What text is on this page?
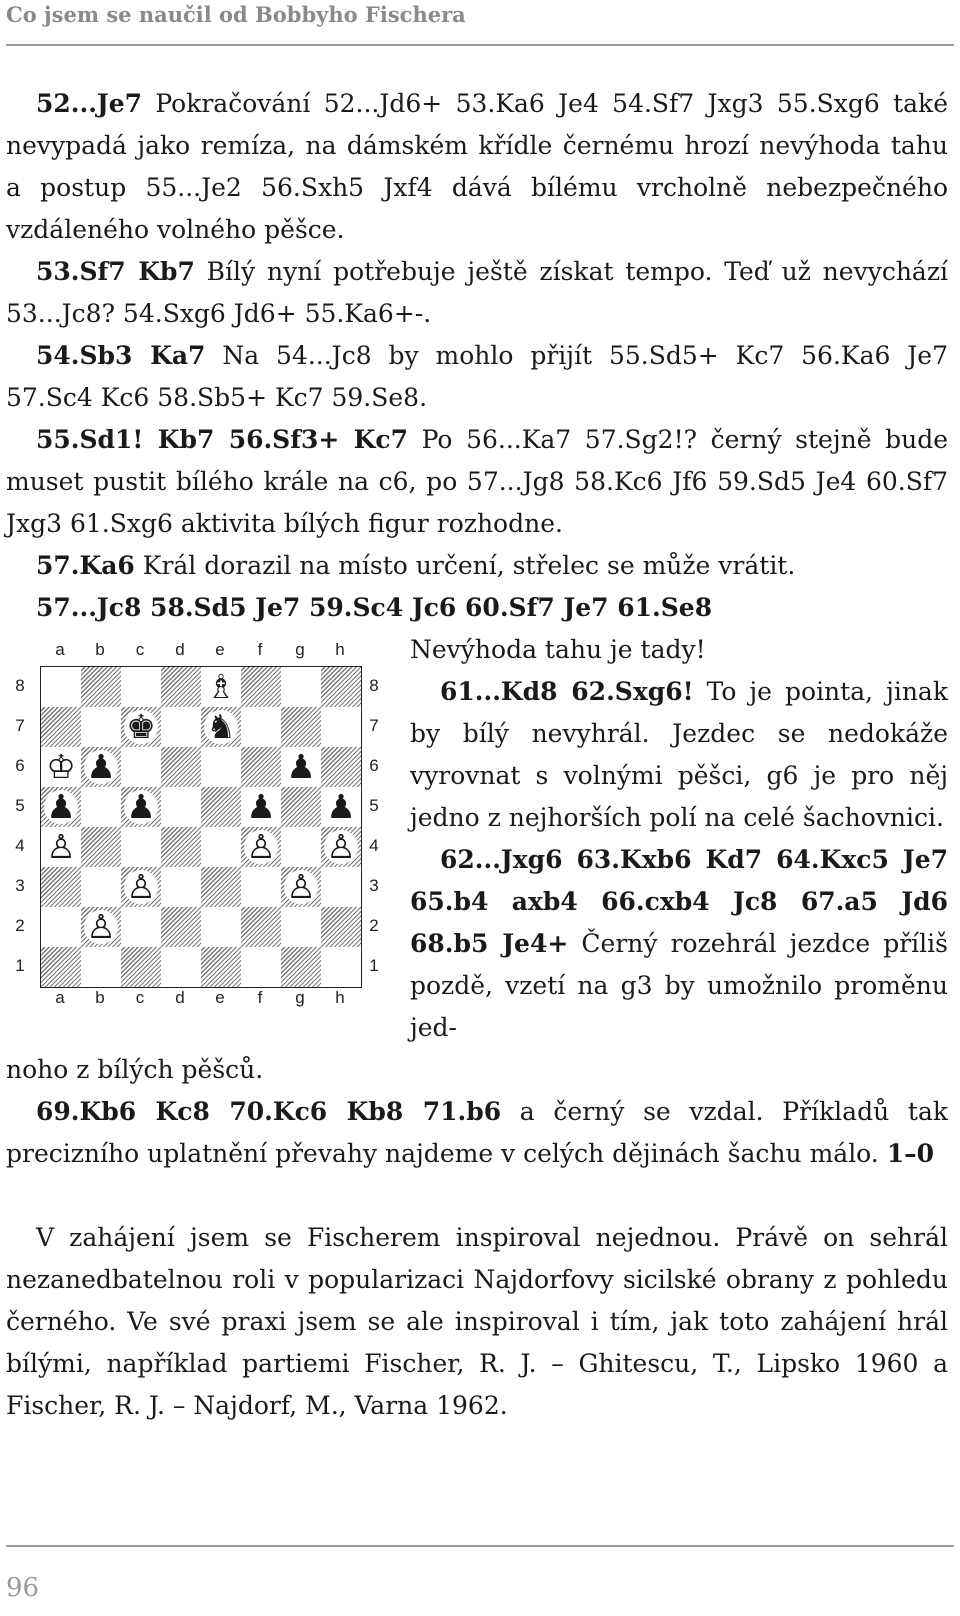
Co jsem se naučil od Bobbyho Fischera

52...Je7 Pokračování 52...Jd6+ 53.Ka6 Je4 54.Sf7 Jxg3 55.Sxg6 také nevypadá jako remíza, na dámském křídle černému hrozí nevýhoda tahu a postup 55...Je2 56.Sxh5 Jxf4 dává bílému vrcholně nebezpečného vzdáleného volného pěšce.

53.Sf7 Kb7 Bílý nyní potřebuje ještě získat tempo. Teď už nevychází 53...Jc8? 54.Sxg6 Jd6+ 55.Ka6+-.

54.Sb3 Ka7 Na 54...Jc8 by mohlo přijít 55.Sd5+ Kc7 56.Ka6 Je7 57.Sc4 Kc6 58.Sb5+ Kc7 59.Se8.

55.Sd1! Kb7 56.Sf3+ Kc7 Po 56...Ka7 57.Sg2!? černý stejně bude muset pustit bílého krále na c6, po 57...Jg8 58.Kc6 Jf6 59.Sd5 Je4 60.Sf7 Jxg3 61.Sxg6 aktivita bílých figur rozhodne.

57.Ka6 Král dorazil na místo určení, střelec se může vrátit.

57...Jc8 58.Sd5 Je7 59.Sc4 Jc6 60.Sf7 Je7 61.Se8

Nevýhoda tahu je tady!

61...Kd8 62.Sxg6! To je pointa, jinak by bílý nevyhrál. Jezdec se nedokáže vyrovnat s volnými pěšci, g6 je pro něj jedno z nejhorších polí na celé šachovnici.

62...Jxg6 63.Kxb6 Kd7 64.Kxc5 Je7 65.b4 axb4 66.cxb4 Jc8 67.a5 Jd6 68.b5 Je4+ Černý rozehrál jezdce příliš pozdě, vzetí na g3 by umožnilo proměnu jed-

noho z bílých pěšců.

69.Kb6 Kc8 70.Kc6 Kb8 71.b6 a černý se vzdal. Příkladů tak precizního uplatnění převahy najdeme v celých dějinách šachu málo. 1–0

V zahájení jsem se Fischerem inspiroval nejednou. Právě on sehrál nezanedbatelnou roli v popularizaci Najdorfovy sicilské obrany z pohledu černého. Ve své praxi jsem se ale inspiroval i tím, jak toto zahájení hrál bílými, například partiemi Fischer, R. J. – Ghitescu, T., Lipsko 1960 a Fischer, R. J. – Najdorf, M., Varna 1962.

♗
♚ ♞
♔ ♟	♟
♟ ♟	♟ ♟
♙	♙ ♙
♙	♙
♙
a	b	c	d	e	f	g	h
a	b	c	d	e	f	g	h
8
7
6
5
4
3
2
1
8
7
6
5
4
3
2
1
96
